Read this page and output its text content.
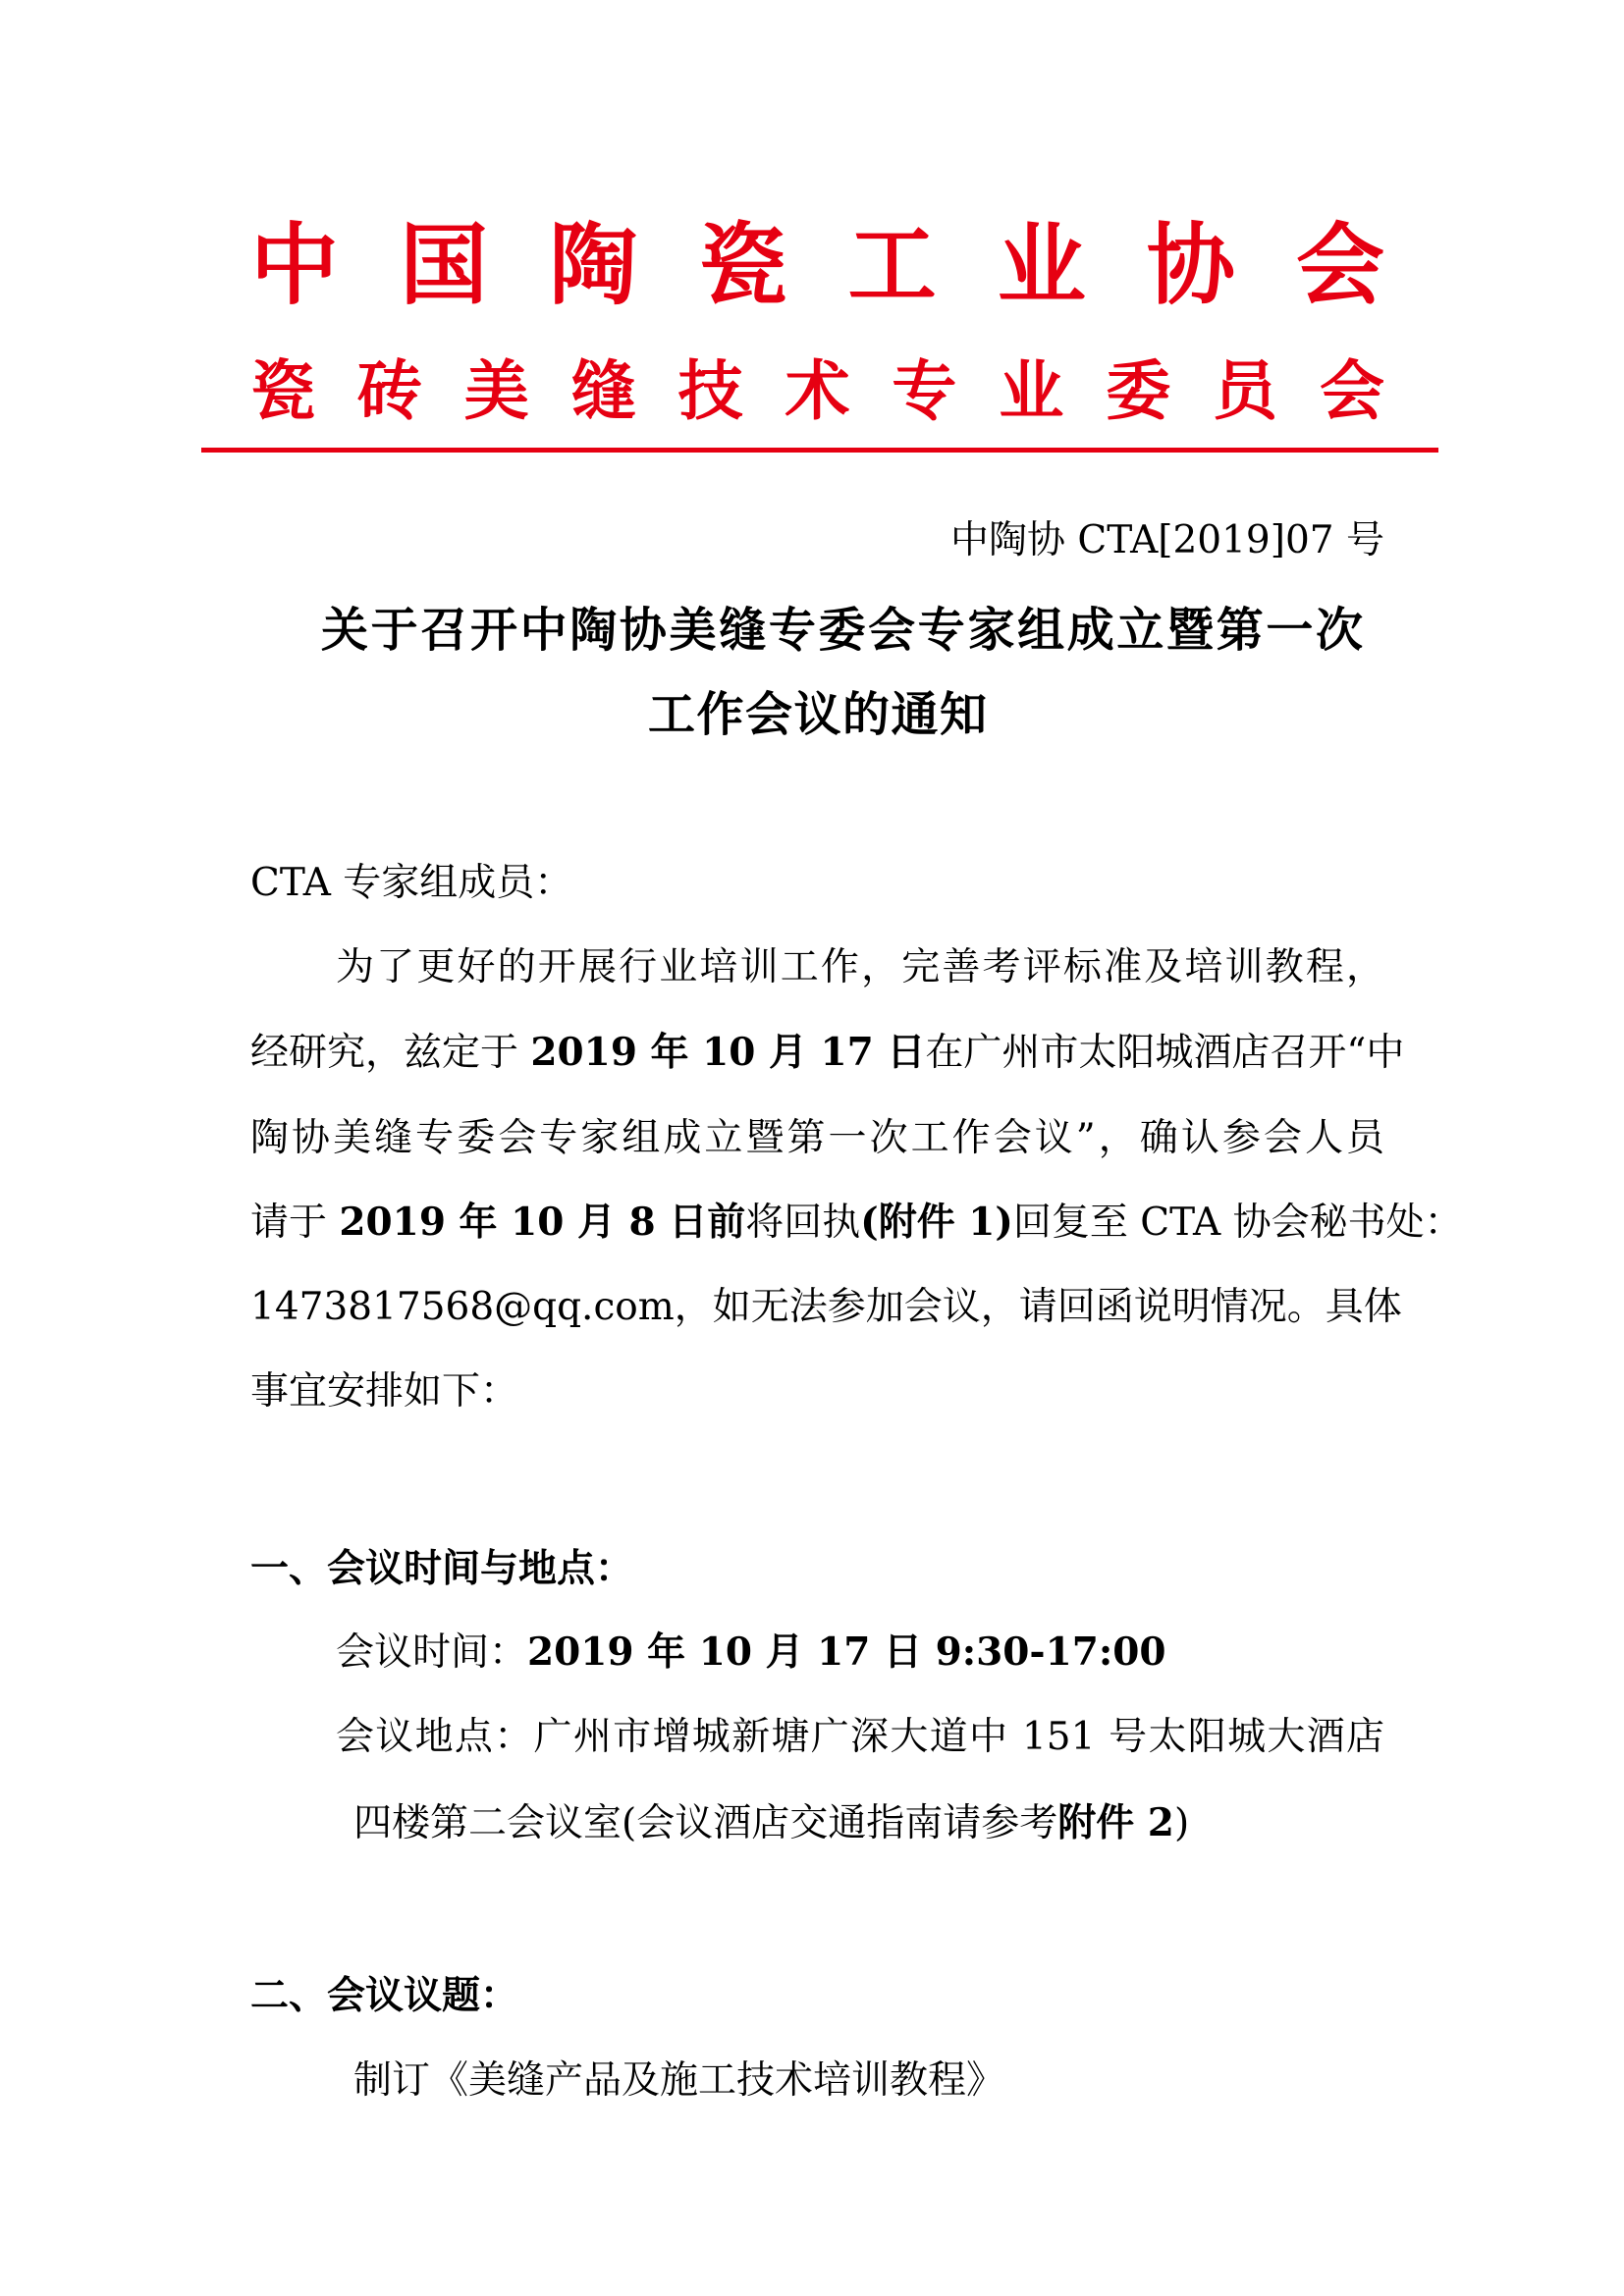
中国陶瓷工业协会
瓷砖美缝技术专业委员会
中陶协 CTA[2019]07 号
关于召开中陶协美缝专委会专家组成立暨第一次
工作会议的通知
CTA 专家组成员：
为了更好的开展行业培训工作，完善考评标准及培训教程，
经研究，兹定于 2019 年 10 月 17 日在广州市太阳城酒店召开“中
陶协美缝专委会专家组成立暨第一次工作会议”，确认参会人员
请于 2019 年 10 月 8 日前将回执(附件 1)回复至 CTA 协会秘书处：
1473817568@qq.com，如无法参加会议，请回函说明情况。具体
事宜安排如下：
一、会议时间与地点：
会议时间：2019 年 10 月 17 日 9:30-17:00
会议地点：广州市增城新塘广深大道中 151 号太阳城大酒店
四楼第二会议室(会议酒店交通指南请参考附件 2)
二、会议议题：
制订《美缝产品及施工技术培训教程》
